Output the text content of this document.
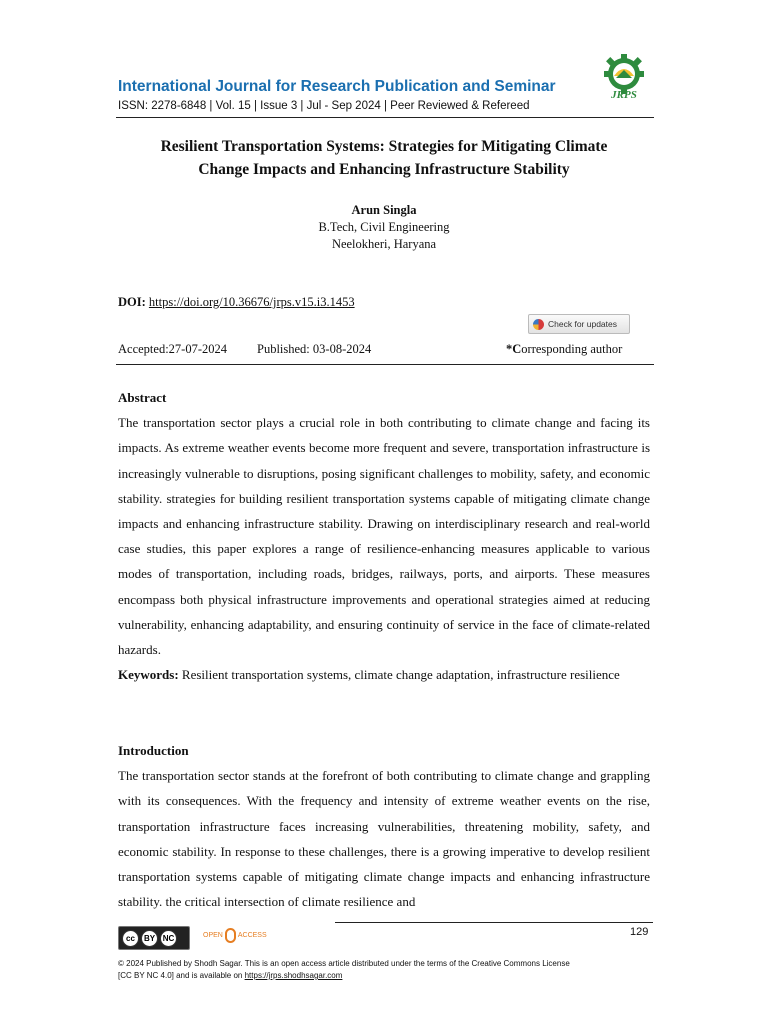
International Journal for Research Publication and Seminar
ISSN: 2278-6848 | Vol. 15 | Issue 3 | Jul - Sep 2024 | Peer Reviewed & Refereed
JRPS
Resilient Transportation Systems: Strategies for Mitigating Climate
Change Impacts and Enhancing Infrastructure Stability
Arun Singla
B.Tech, Civil Engineering
Neelokheri, Haryana
DOI: https://doi.org/10.36676/jrps.v15.i3.1453
Check for updates
Accepted:27-07-2024 Published: 03-08-2024	*Corresponding author
Abstract
The transportation sector plays a crucial role in both contributing to climate change and facing its impacts. As extreme weather events become more frequent and severe, transportation infrastructure is increasingly vulnerable to disruptions, posing significant challenges to mobility, safety, and economic stability. strategies for building resilient transportation systems capable of mitigating climate change impacts and enhancing infrastructure stability. Drawing on interdisciplinary research and real-world case studies, this paper explores a range of resilience-enhancing measures applicable to various modes of transportation, including roads, bridges, railways, ports, and airports. These measures encompass both physical infrastructure improvements and operational strategies aimed at reducing vulnerability, enhancing adaptability, and ensuring continuity of service in the face of climate-related hazards.
Keywords: Resilient transportation systems, climate change adaptation, infrastructure resilience
Introduction
The transportation sector stands at the forefront of both contributing to climate change and grappling with its consequences. With the frequency and intensity of extreme weather events on the rise, transportation infrastructure faces increasing vulnerabilities, threatening mobility, safety, and economic stability. In response to these challenges, there is a growing imperative to develop resilient transportation systems capable of mitigating climate change impacts and enhancing infrastructure stability. the critical intersection of climate resilience and
129
cc	BY NC	OPEN ACCESS
© 2024 Published by Shodh Sagar. This is an open access article distributed under the terms of the Creative Commons License
[CC BY NC 4.0] and is available on https://jrps.shodhsagar.com
